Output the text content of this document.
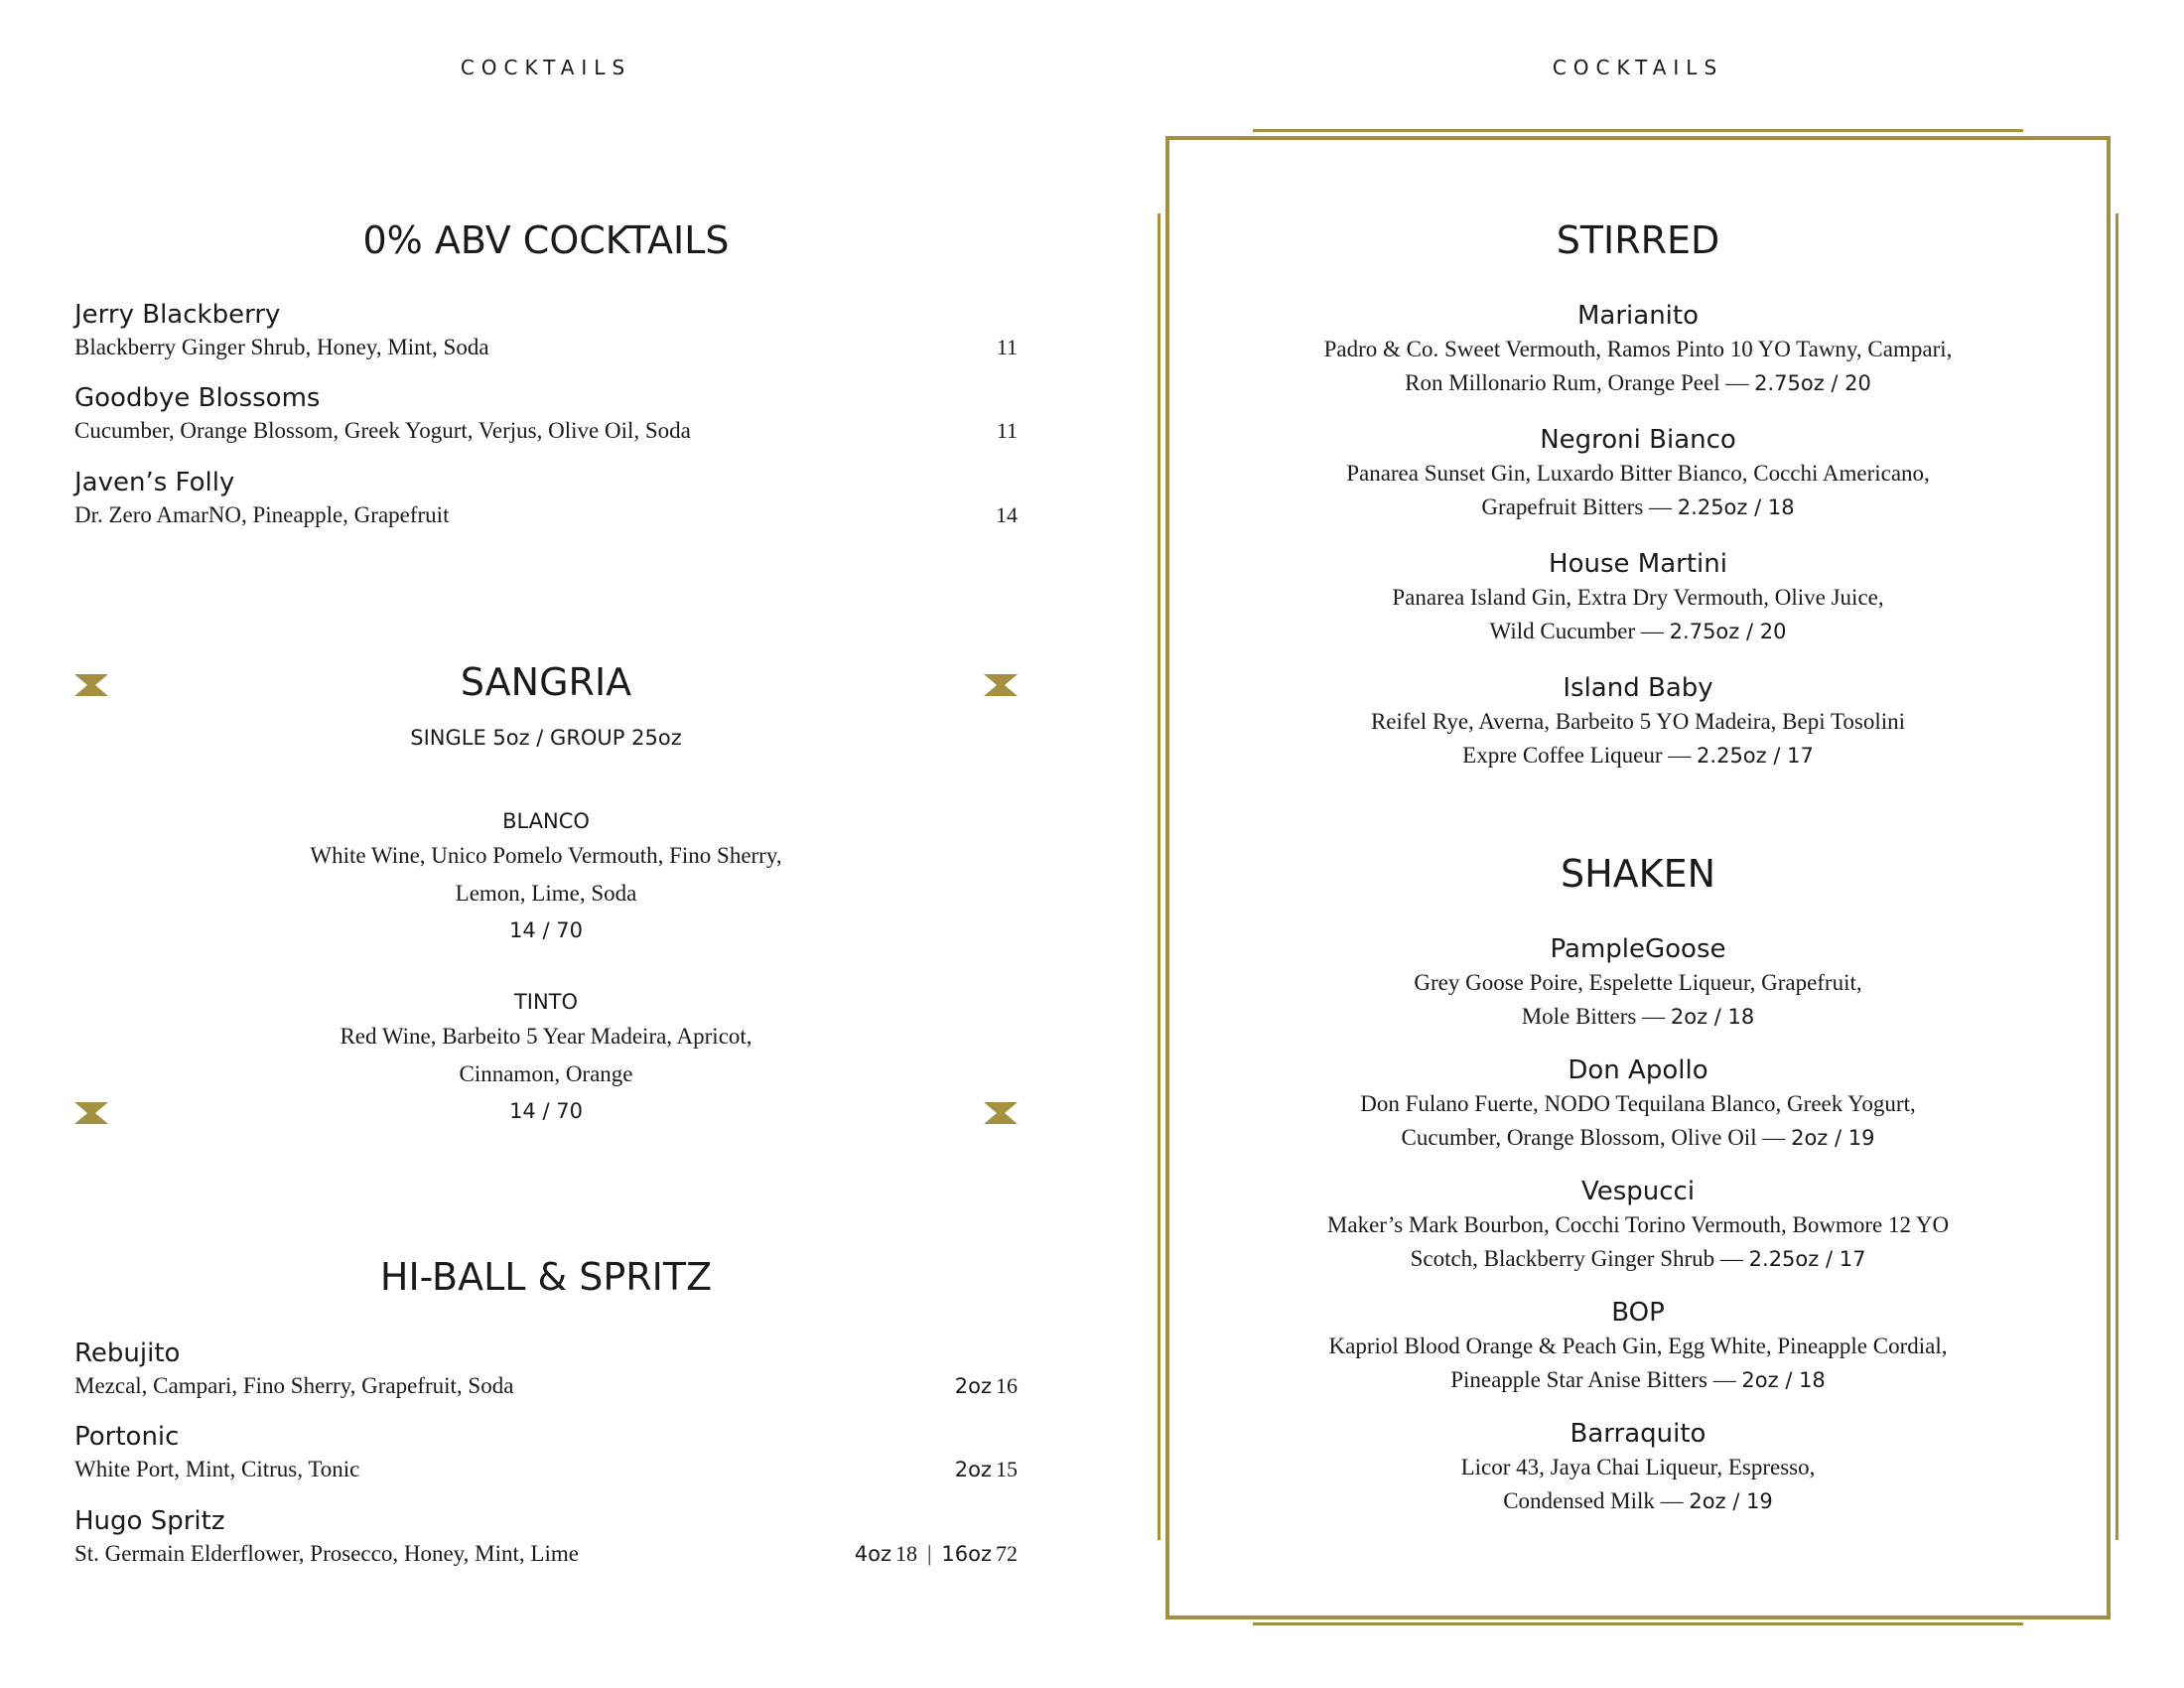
COCKTAILS
0% ABV COCKTAILS
Jerry Blackberry
Blackberry Ginger Shrub, Honey, Mint, Soda	11
Goodbye Blossoms
Cucumber, Orange Blossom, Greek Yogurt, Verjus, Olive Oil, Soda	11
Javen’s Folly
Dr. Zero AmarNO, Pineapple, Grapefruit	14
SANGRIA
SINGLE 5oz / GROUP 25oz
BLANCO
White Wine, Unico Pomelo Vermouth, Fino Sherry,
Lemon, Lime, Soda
14 / 70
TINTO
Red Wine, Barbeito 5 Year Madeira, Apricot,
Cinnamon, Orange
14 / 70
HI-BALL & SPRITZ
Rebujito
Mezcal, Campari, Fino Sherry, Grapefruit, Soda	2oz 16
Portonic
White Port, Mint, Citrus, Tonic	2oz 15
Hugo Spritz
St. Germain Elderflower, Prosecco, Honey, Mint, Lime	4oz 18 | 16oz 72
COCKTAILS
STIRRED
Marianito
Padro & Co. Sweet Vermouth, Ramos Pinto 10 YO Tawny, Campari,
Ron Millonario Rum, Orange Peel — 2.75oz / 20
Negroni Bianco
Panarea Sunset Gin, Luxardo Bitter Bianco, Cocchi Americano,
Grapefruit Bitters — 2.25oz / 18
House Martini
Panarea Island Gin, Extra Dry Vermouth, Olive Juice,
Wild Cucumber — 2.75oz / 20
Island Baby
Reifel Rye, Averna, Barbeito 5 YO Madeira, Bepi Tosolini
Expre Coffee Liqueur — 2.25oz / 17
SHAKEN
PampleGoose
Grey Goose Poire, Espelette Liqueur, Grapefruit,
Mole Bitters — 2oz / 18
Don Apollo
Don Fulano Fuerte, NODO Tequilana Blanco, Greek Yogurt,
Cucumber, Orange Blossom, Olive Oil — 2oz / 19
Vespucci
Maker’s Mark Bourbon, Cocchi Torino Vermouth, Bowmore 12 YO
Scotch, Blackberry Ginger Shrub — 2.25oz / 17
BOP
Kapriol Blood Orange & Peach Gin, Egg White, Pineapple Cordial,
Pineapple Star Anise Bitters — 2oz / 18
Barraquito
Licor 43, Jaya Chai Liqueur, Espresso,
Condensed Milk — 2oz / 19
